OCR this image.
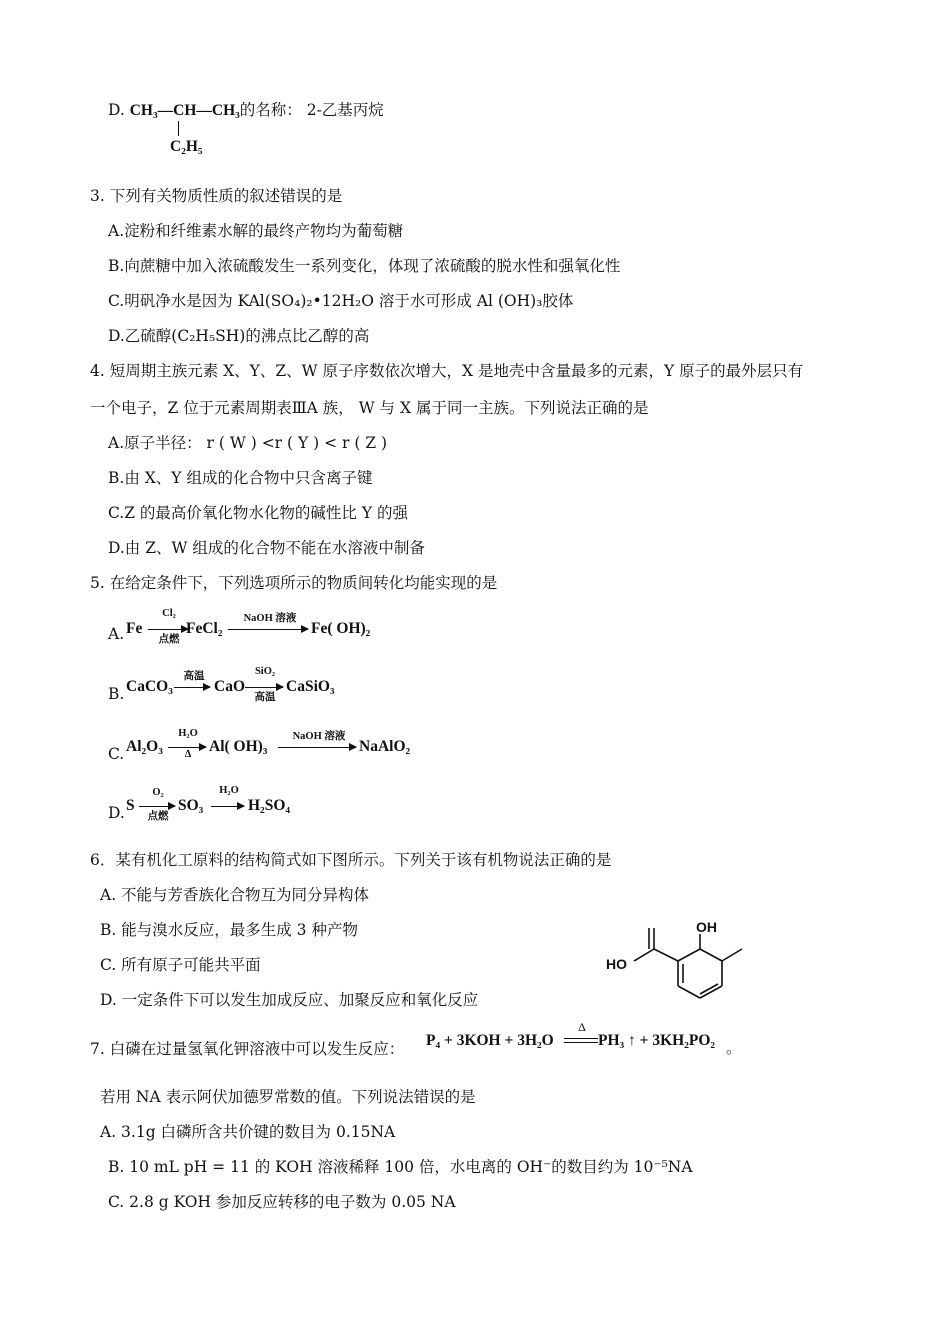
D. CH₃—CH—CH₃的名称： 2-乙基丙烷
C₂H₅
3. 下列有关物质性质的叙述错误的是
A.淀粉和纤维素水解的最终产物均为葡萄糖
B.向蔗糖中加入浓硫酸发生一系列变化，体现了浓硫酸的脱水性和强氧化性
C.明矾净水是因为 KAl(SO₄)₂•12H₂O 溶于水可形成 Al (OH)₃胶体
D.乙硫醇(C₂H₅SH)的沸点比乙醇的高
4. 短周期主族元素 X、Y、Z、W 原子序数依次增大，X 是地壳中含量最多的元素，Y 原子的最外层只有
一个电子，Z 位于元素周期表ⅢA 族， W 与 X 属于同一主族。下列说法正确的是
A.原子半径： r ( W ) <r ( Y ) < r ( Z )
B.由 X、Y 组成的化合物中只含离子键
C.Z 的最高价氧化物水化物的碱性比 Y 的强
D.由 Z、W 组成的化合物不能在水溶液中制备
5. 在给定条件下，下列选项所示的物质间转化均能实现的是
A. Fe
Cl₂
点燃
FeCl₂
NaOH 溶液
Fe( OH)₂
B. CaCO₃
高温
CaO
SiO₂
高温
CaSiO₃
C. Al₂O₃
H₂O
Δ	Al( OH)₃
NaOH 溶液
NaAlO₂
D. S
O₂
点燃
SO₃
H₂O
H₂SO₄
6．某有机化工原料的结构简式如下图所示。下列关于该有机物说法正确的是
A. 不能与芳香族化合物互为同分异构体
B. 能与溴水反应，最多生成 3 种产物
C. 所有原子可能共平面
D. 一定条件下可以发生加成反应、加聚反应和氧化反应
OH
HO
7. 白磷在过量氢氧化钾溶液中可以发生反应： P₄ + 3KOH + 3H₂O
Δ
PH₃ ↑ + 3KH₂PO₂ 。
若用 NA 表示阿伏加德罗常数的值。下列说法错误的是
A. 3.1g 白磷所含共价键的数目为 0.15NA
B. 10 mL pH = 11 的 KOH 溶液稀释 100 倍，水电离的 OH⁻的数目约为 10⁻⁵NA
C. 2.8 g KOH 参加反应转移的电子数为 0.05 NA
